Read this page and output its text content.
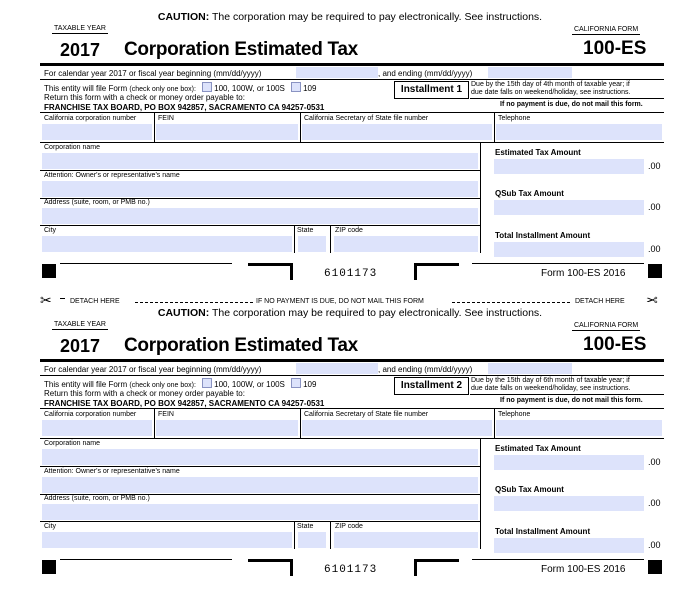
CAUTION: The corporation may be required to pay electronically. See instructions.
TAXABLE YEAR	CALIFORNIA FORM
2017 Corporation Estimated Tax	100-ES
For calendar year 2017 or fiscal year beginning (mm/dd/yyyy)	, and ending (mm/dd/yyyy)
This entity will file Form (check only one box): 100, 100W, or 100S 109
Return this form with a check or money order payable to:
FRANCHISE TAX BOARD, PO BOX 942857, SACRAMENTO CA 94257-0531
Installment 1	Due by the 15th day of 4th month of taxable year; if
due date falls on weekend/holiday, see instructions.
If no payment is due, do not mail this form.
California corporation number	FEIN	California Secretary of State file number	Telephone
Corporation name
Attention: Owner's or representative's name
Address (suite, room, or PMB no.)
City	State	ZIP code
Estimated Tax Amount
.00
QSub Tax Amount
.00
Total Installment Amount
.00
6101173	Form 100-ES 2016
✂	DETACH HERE	IF NO PAYMENT IS DUE, DO NOT MAIL THIS FORM	DETACH HERE ✂
CAUTION: The corporation may be required to pay electronically. See instructions.
TAXABLE YEAR	CALIFORNIA FORM
2017 Corporation Estimated Tax	100-ES
For calendar year 2017 or fiscal year beginning (mm/dd/yyyy)	, and ending (mm/dd/yyyy)
This entity will file Form (check only one box): 100, 100W, or 100S 109
Return this form with a check or money order payable to:
FRANCHISE TAX BOARD, PO BOX 942857, SACRAMENTO CA 94257-0531
Installment 2	Due by the 15th day of 6th month of taxable year; if
due date falls on weekend/holiday, see instructions.
If no payment is due, do not mail this form.
California corporation number	FEIN	California Secretary of State file number	Telephone
Corporation name
Attention: Owner's or representative's name
Address (suite, room, or PMB no.)
City	State	ZIP code
Estimated Tax Amount
.00
QSub Tax Amount
.00
Total Installment Amount
.00
6101173	Form 100-ES 2016
